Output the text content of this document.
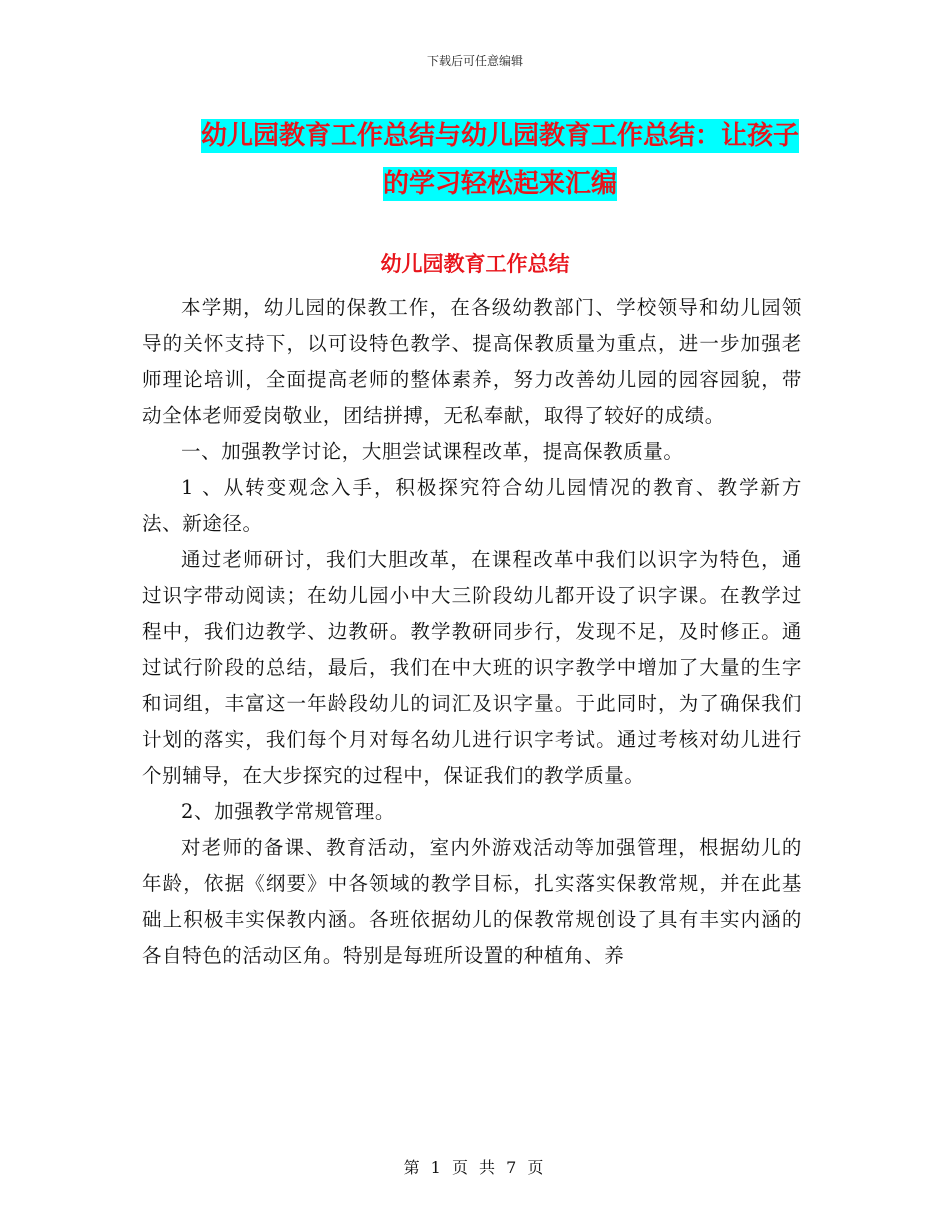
下载后可任意编辑
幼儿园教育工作总结与幼儿园教育工作总结：让孩子
的学习轻松起来汇编
幼儿园教育工作总结

本学期，幼儿园的保教工作，在各级幼教部门、学校领导和幼儿园领导的关怀支持下，以可设特色教学、提高保教质量为重点，进一步加强老师理论培训，全面提高老师的整体素养，努力改善幼儿园的园容园貌，带动全体老师爱岗敬业，团结拼搏，无私奉献，取得了较好的成绩。

一、加强教学讨论，大胆尝试课程改革，提高保教质量。

1 、从转变观念入手，积极探究符合幼儿园情况的教育、教学新方法、新途径。

通过老师研讨，我们大胆改革，在课程改革中我们以识字为特色，通过识字带动阅读；在幼儿园小中大三阶段幼儿都开设了识字课。在教学过程中，我们边教学、边教研。教学教研同步行，发现不足，及时修正。通过试行阶段的总结，最后，我们在中大班的识字教学中增加了大量的生字和词组，丰富这一年龄段幼儿的词汇及识字量。于此同时，为了确保我们计划的落实，我们每个月对每名幼儿进行识字考试。通过考核对幼儿进行个别辅导，在大步探究的过程中，保证我们的教学质量。

2、加强教学常规管理。

对老师的备课、教育活动，室内外游戏活动等加强管理，根据幼儿的年龄，依据《纲要》中各领域的教学目标，扎实落实保教常规，并在此基础上积极丰实保教内涵。各班依据幼儿的保教常规创设了具有丰实内涵的各自特色的活动区角。特别是每班所设置的种植角、养

第 1 页 共 7 页
